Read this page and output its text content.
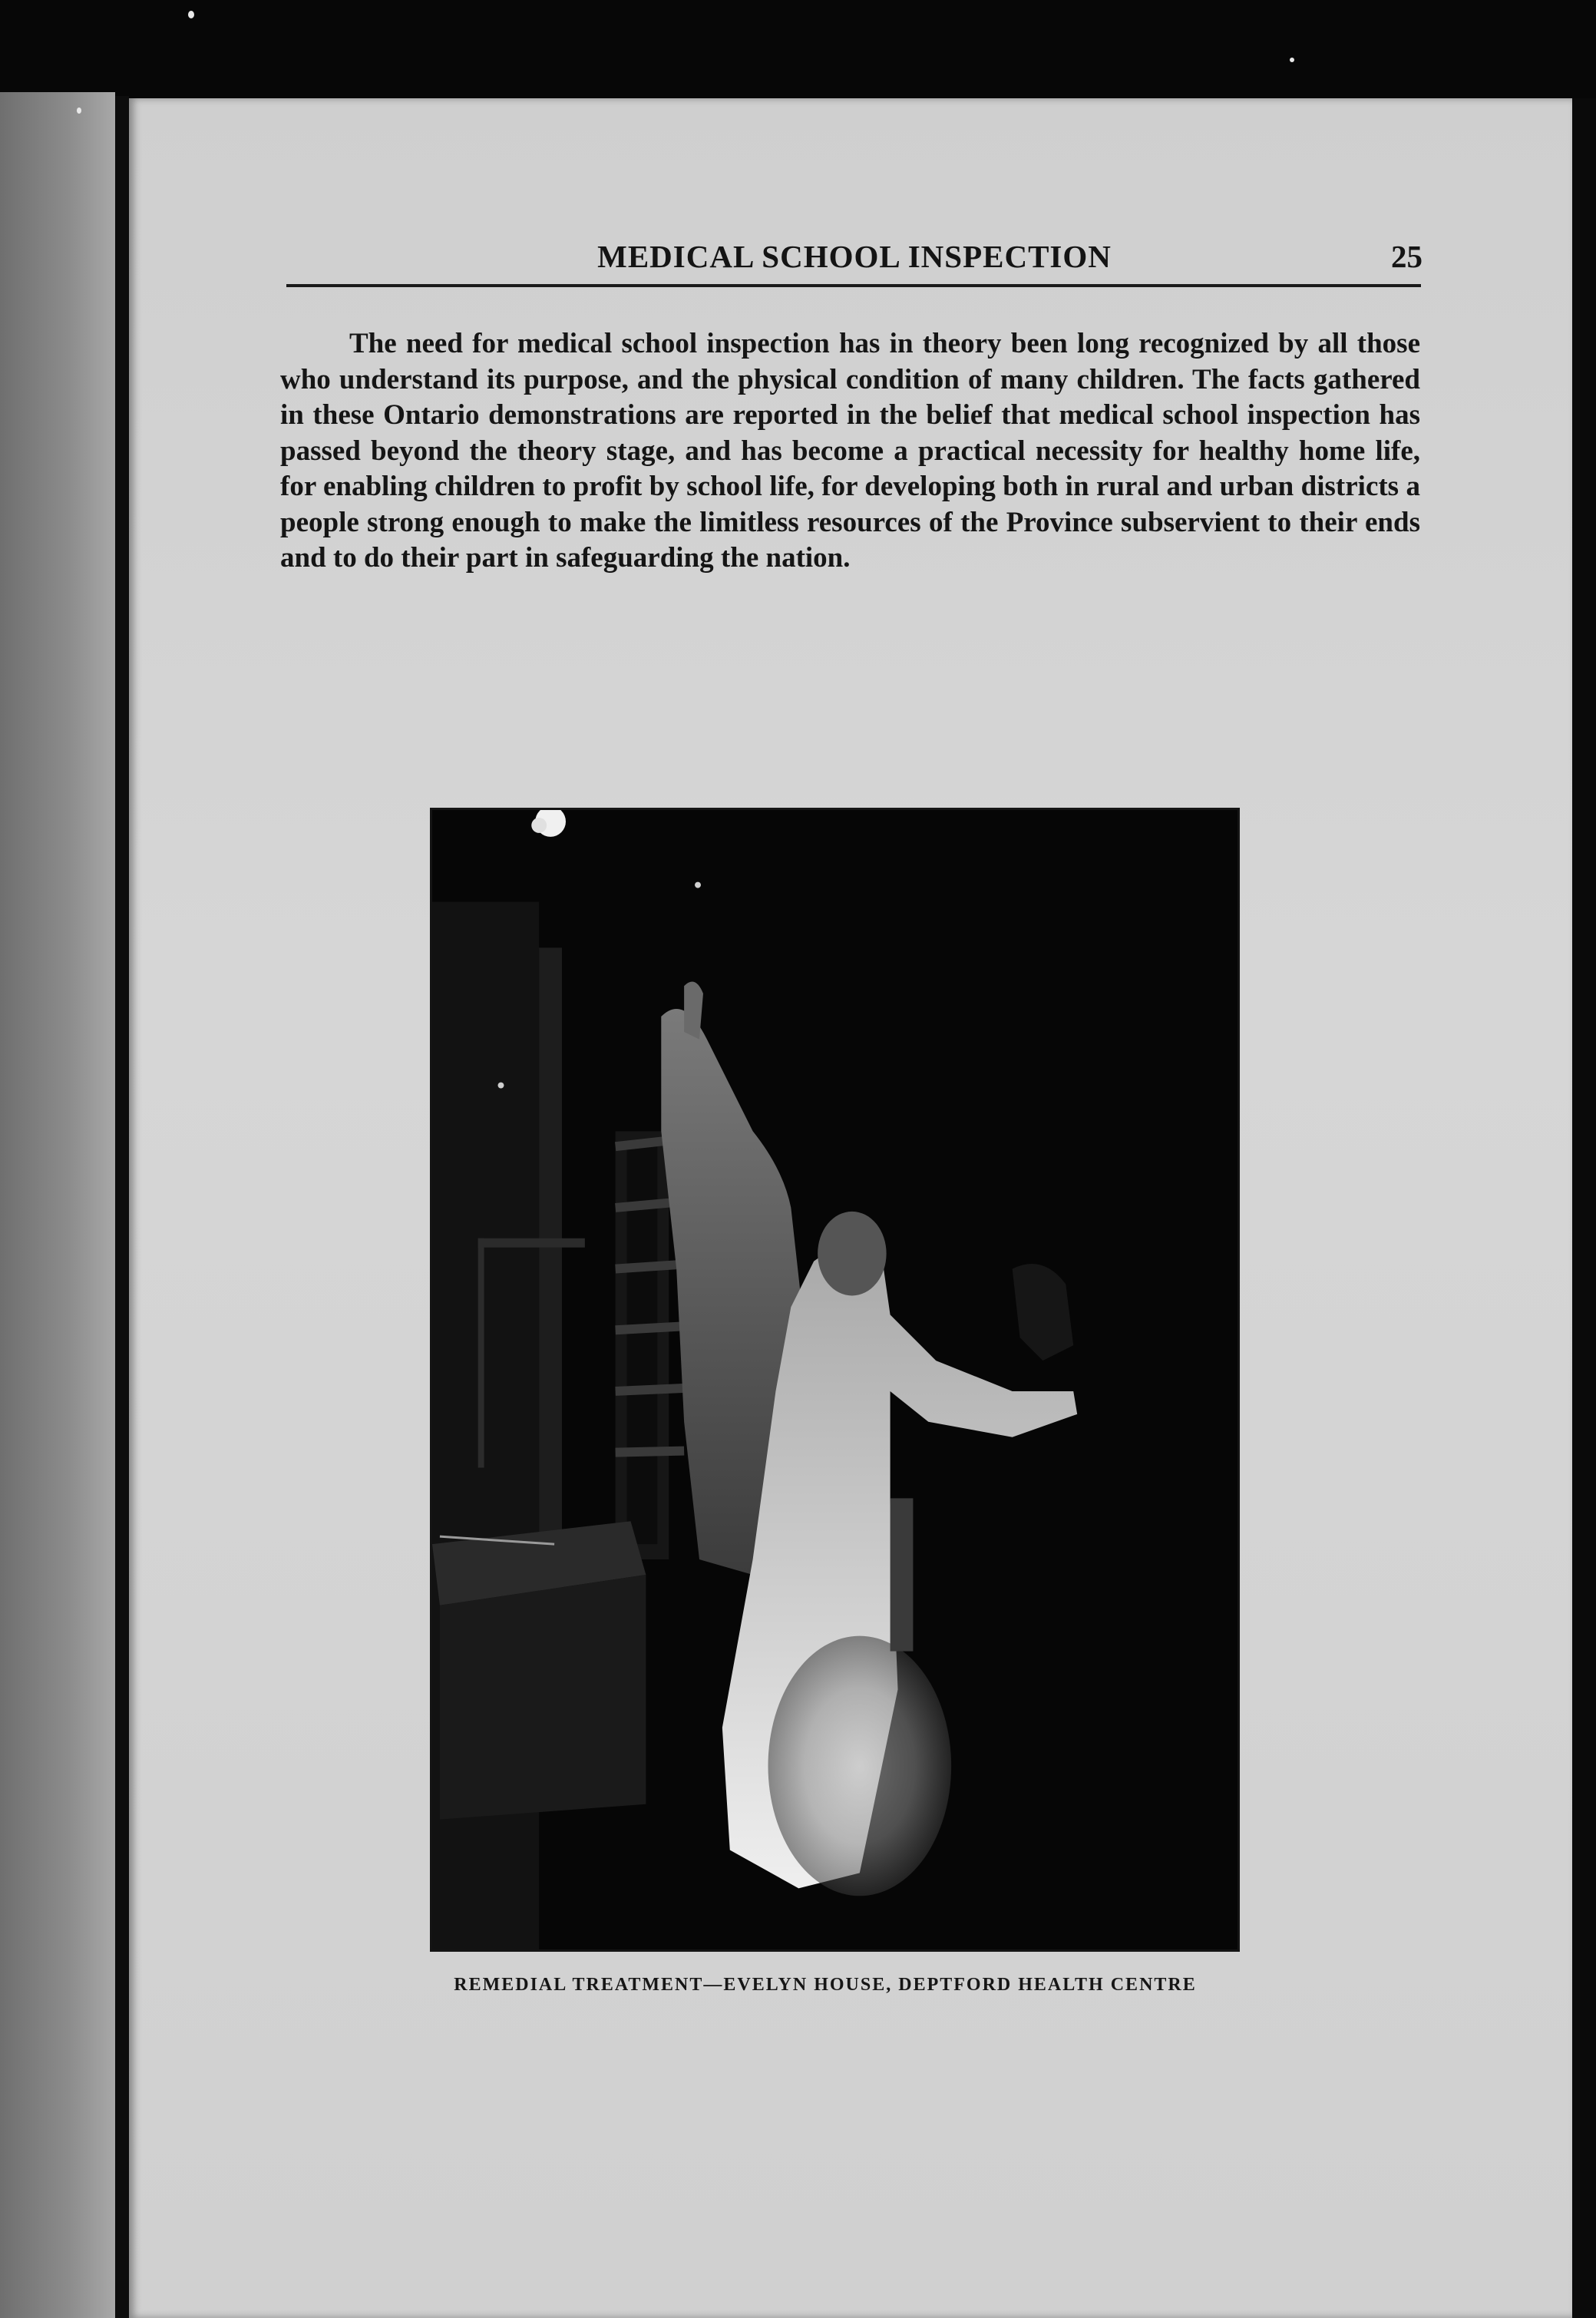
MEDICAL SCHOOL INSPECTION	25

The need for medical school inspection has in theory been long recognized by all those who understand its purpose, and the physical condition of many children. The facts gathered in these Ontario demonstrations are reported in the belief that medical school inspection has passed beyond the theory stage, and has become a practical necessity for healthy home life, for enabling children to profit by school life, for developing both in rural and urban districts a people strong enough to make the limitless resources of the Province subservient to their ends and to do their part in safeguarding the nation.

REMEDIAL TREATMENT—EVELYN HOUSE, DEPTFORD HEALTH CENTRE
